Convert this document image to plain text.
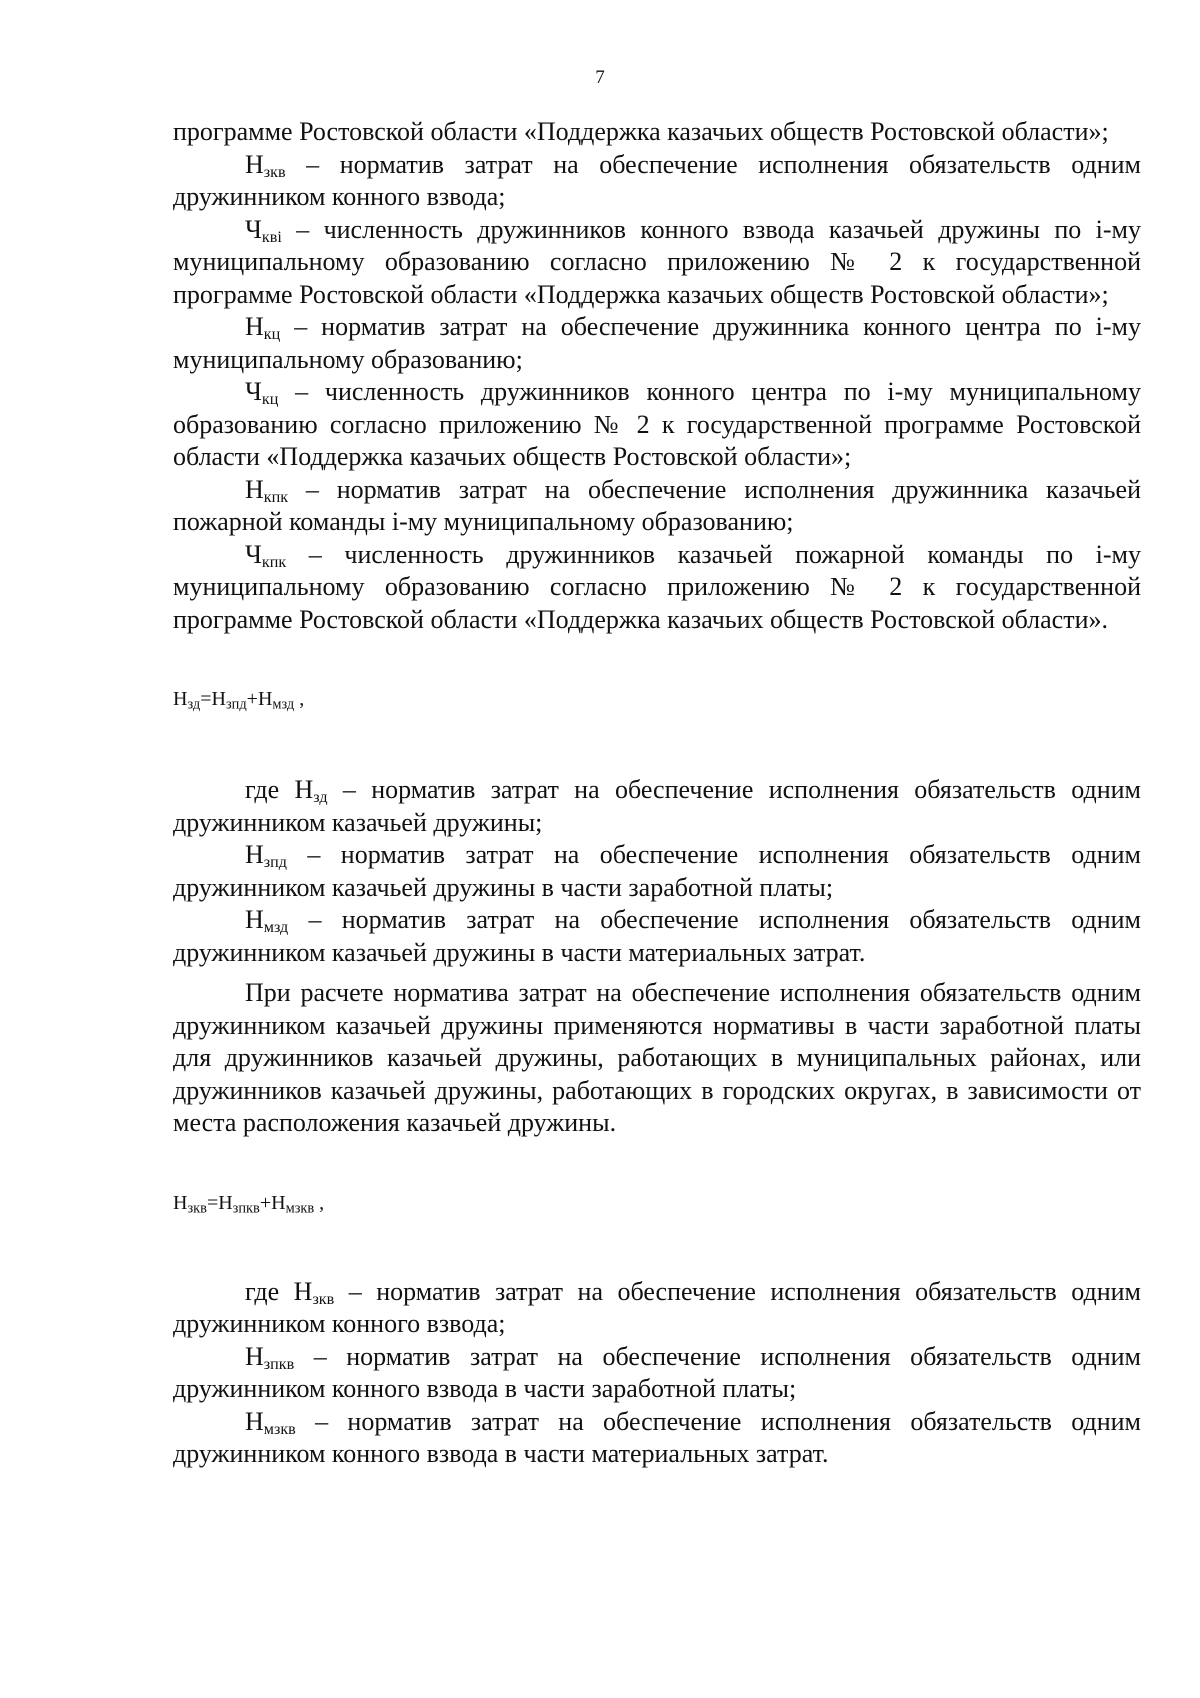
7

программе Ростовской области «Поддержка казачьих обществ Ростовской области»;

$Н_{зкв}$ – норматив затрат на обеспечение исполнения обязательств одним дружинником конного взвода;

$Ч_{кві}$ – численность дружинников конного взвода казачьей дружины по і-му муниципальному образованию согласно приложению № 2 к государственной программе Ростовской области «Поддержка казачьих обществ Ростовской области»;

$Н_{кц}$ – норматив затрат на обеспечение дружинника конного центра по і-му муниципальному образованию;

$Ч_{кц}$ – численность дружинников конного центра по і-му муниципальному образованию согласно приложению № 2 к государственной программе Ростовской области «Поддержка казачьих обществ Ростовской области»;

$Н_{кпк}$ – норматив затрат на обеспечение исполнения дружинника казачьей пожарной команды і-му муниципальному образованию;

$Ч_{кпк}$ – численность дружинников казачьей пожарной команды по і-му муниципальному образованию согласно приложению № 2 к государственной программе Ростовской области «Поддержка казачьих обществ Ростовской области».

$Н_{зд}=Н_{зпд}+Н_{мзд}$ ,

где $Н_{зд}$ – норматив затрат на обеспечение исполнения обязательств одним дружинником казачьей дружины;

$Н_{зпд}$ – норматив затрат на обеспечение исполнения обязательств одним дружинником казачьей дружины в части заработной платы;

$Н_{мзд}$ – норматив затрат на обеспечение исполнения обязательств одним дружинником казачьей дружины в части материальных затрат.

При расчете норматива затрат на обеспечение исполнения обязательств одним дружинником казачьей дружины применяются нормативы в части заработной платы для дружинников казачьей дружины, работающих в муниципальных районах, или дружинников казачьей дружины, работающих в городских округах, в зависимости от места расположения казачьей дружины.

$Н_{зкв}=Н_{зпкв}+Н_{мзкв}$ ,

где $Н_{зкв}$ – норматив затрат на обеспечение исполнения обязательств одним дружинником конного взвода;

$Н_{зпкв}$ – норматив затрат на обеспечение исполнения обязательств одним дружинником конного взвода в части заработной платы;

$Н_{мзкв}$ – норматив затрат на обеспечение исполнения обязательств одним дружинником конного взвода в части материальных затрат.
